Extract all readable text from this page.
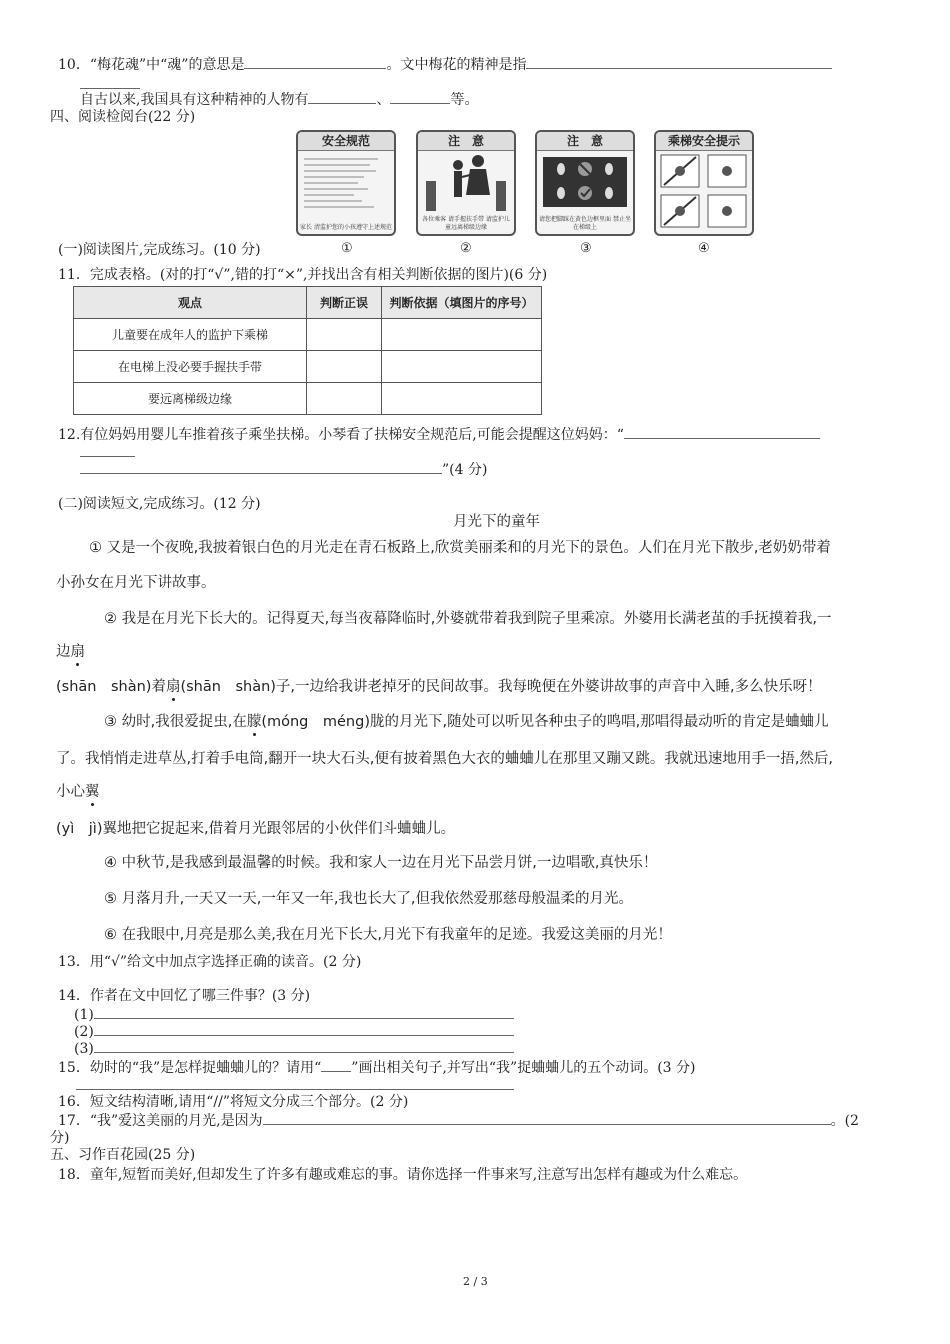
10．“梅花魂”中“魂”的意思是	。文中梅花的精神是指
自古以来,我国具有这种精神的人物有	、	等。
四、阅读检阅台(22 分)
安全规范
家长 清监护您的小孩遵守上述规范
注　意
各位乘客 请手握扶手带 请监护儿童远离梯级边缘
注　意
请您把脚踩在黄色边框里面 禁止坐在梯级上
乘梯安全提示
(一)阅读图片,完成练习。(10 分)	①	②	③	④
11．完成表格。(对的打“√”,错的打“×”,并找出含有相关判断依据的图片)(6 分)
观点	判断正误	判断依据（填图片的序号）
儿童要在成年人的监护下乘梯		
在电梯上没必要手握扶手带		
要远离梯级边缘		
12.有位妈妈用婴儿车推着孩子乘坐扶梯。小琴看了扶梯安全规范后,可能会提醒这位妈妈：“
”(4 分)
(二)阅读短文,完成练习。(12 分)
月光下的童年
① 又是一个夜晚,我披着银白色的月光走在青石板路上,欣赏美丽柔和的月光下的景色。人们在月光下散步,老奶奶带着
小孙女在月光下讲故事。
② 我是在月光下长大的。记得夏天,每当夜幕降临时,外婆就带着我到院子里乘凉。外婆用长满老茧的手抚摸着我,一
边扇
(shān　shàn)着扇(shān　shàn)子,一边给我讲老掉牙的民间故事。我每晚便在外婆讲故事的声音中入睡,多么快乐呀！
③ 幼时,我很爱捉虫,在朦(móng　méng)胧的月光下,随处可以听见各种虫子的鸣唱,那唱得最动听的肯定是蛐蛐儿
了。我悄悄走进草丛,打着手电筒,翻开一块大石头,便有披着黑色大衣的蛐蛐儿在那里又蹦又跳。我就迅速地用手一捂,然后,
小心翼
(yì　jì)翼地把它捉起来,借着月光跟邻居的小伙伴们斗蛐蛐儿。
④ 中秋节,是我感到最温馨的时候。我和家人一边在月光下品尝月饼,一边唱歌,真快乐！
⑤ 月落月升,一天又一天,一年又一年,我也长大了,但我依然爱那慈母般温柔的月光。
⑥ 在我眼中,月亮是那么美,我在月光下长大,月光下有我童年的足迹。我爱这美丽的月光！
13．用“√”给文中加点字选择正确的读音。(2 分)
14．作者在文中回忆了哪三件事？(3 分)
(1)
(2)
(3)
15．幼时的“我”是怎样捉蛐蛐儿的？请用“ ”画出相关句子,并写出“我”捉蛐蛐儿的五个动词。(3 分)
16．短文结构清晰,请用“//”将短文分成三个部分。(2 分)
17．“我”爱这美丽的月光,是因为	。(2
分)
五、习作百花园(25 分)
18．童年,短暂而美好,但却发生了许多有趣或难忘的事。请你选择一件事来写,注意写出怎样有趣或为什么难忘。
2 / 3
